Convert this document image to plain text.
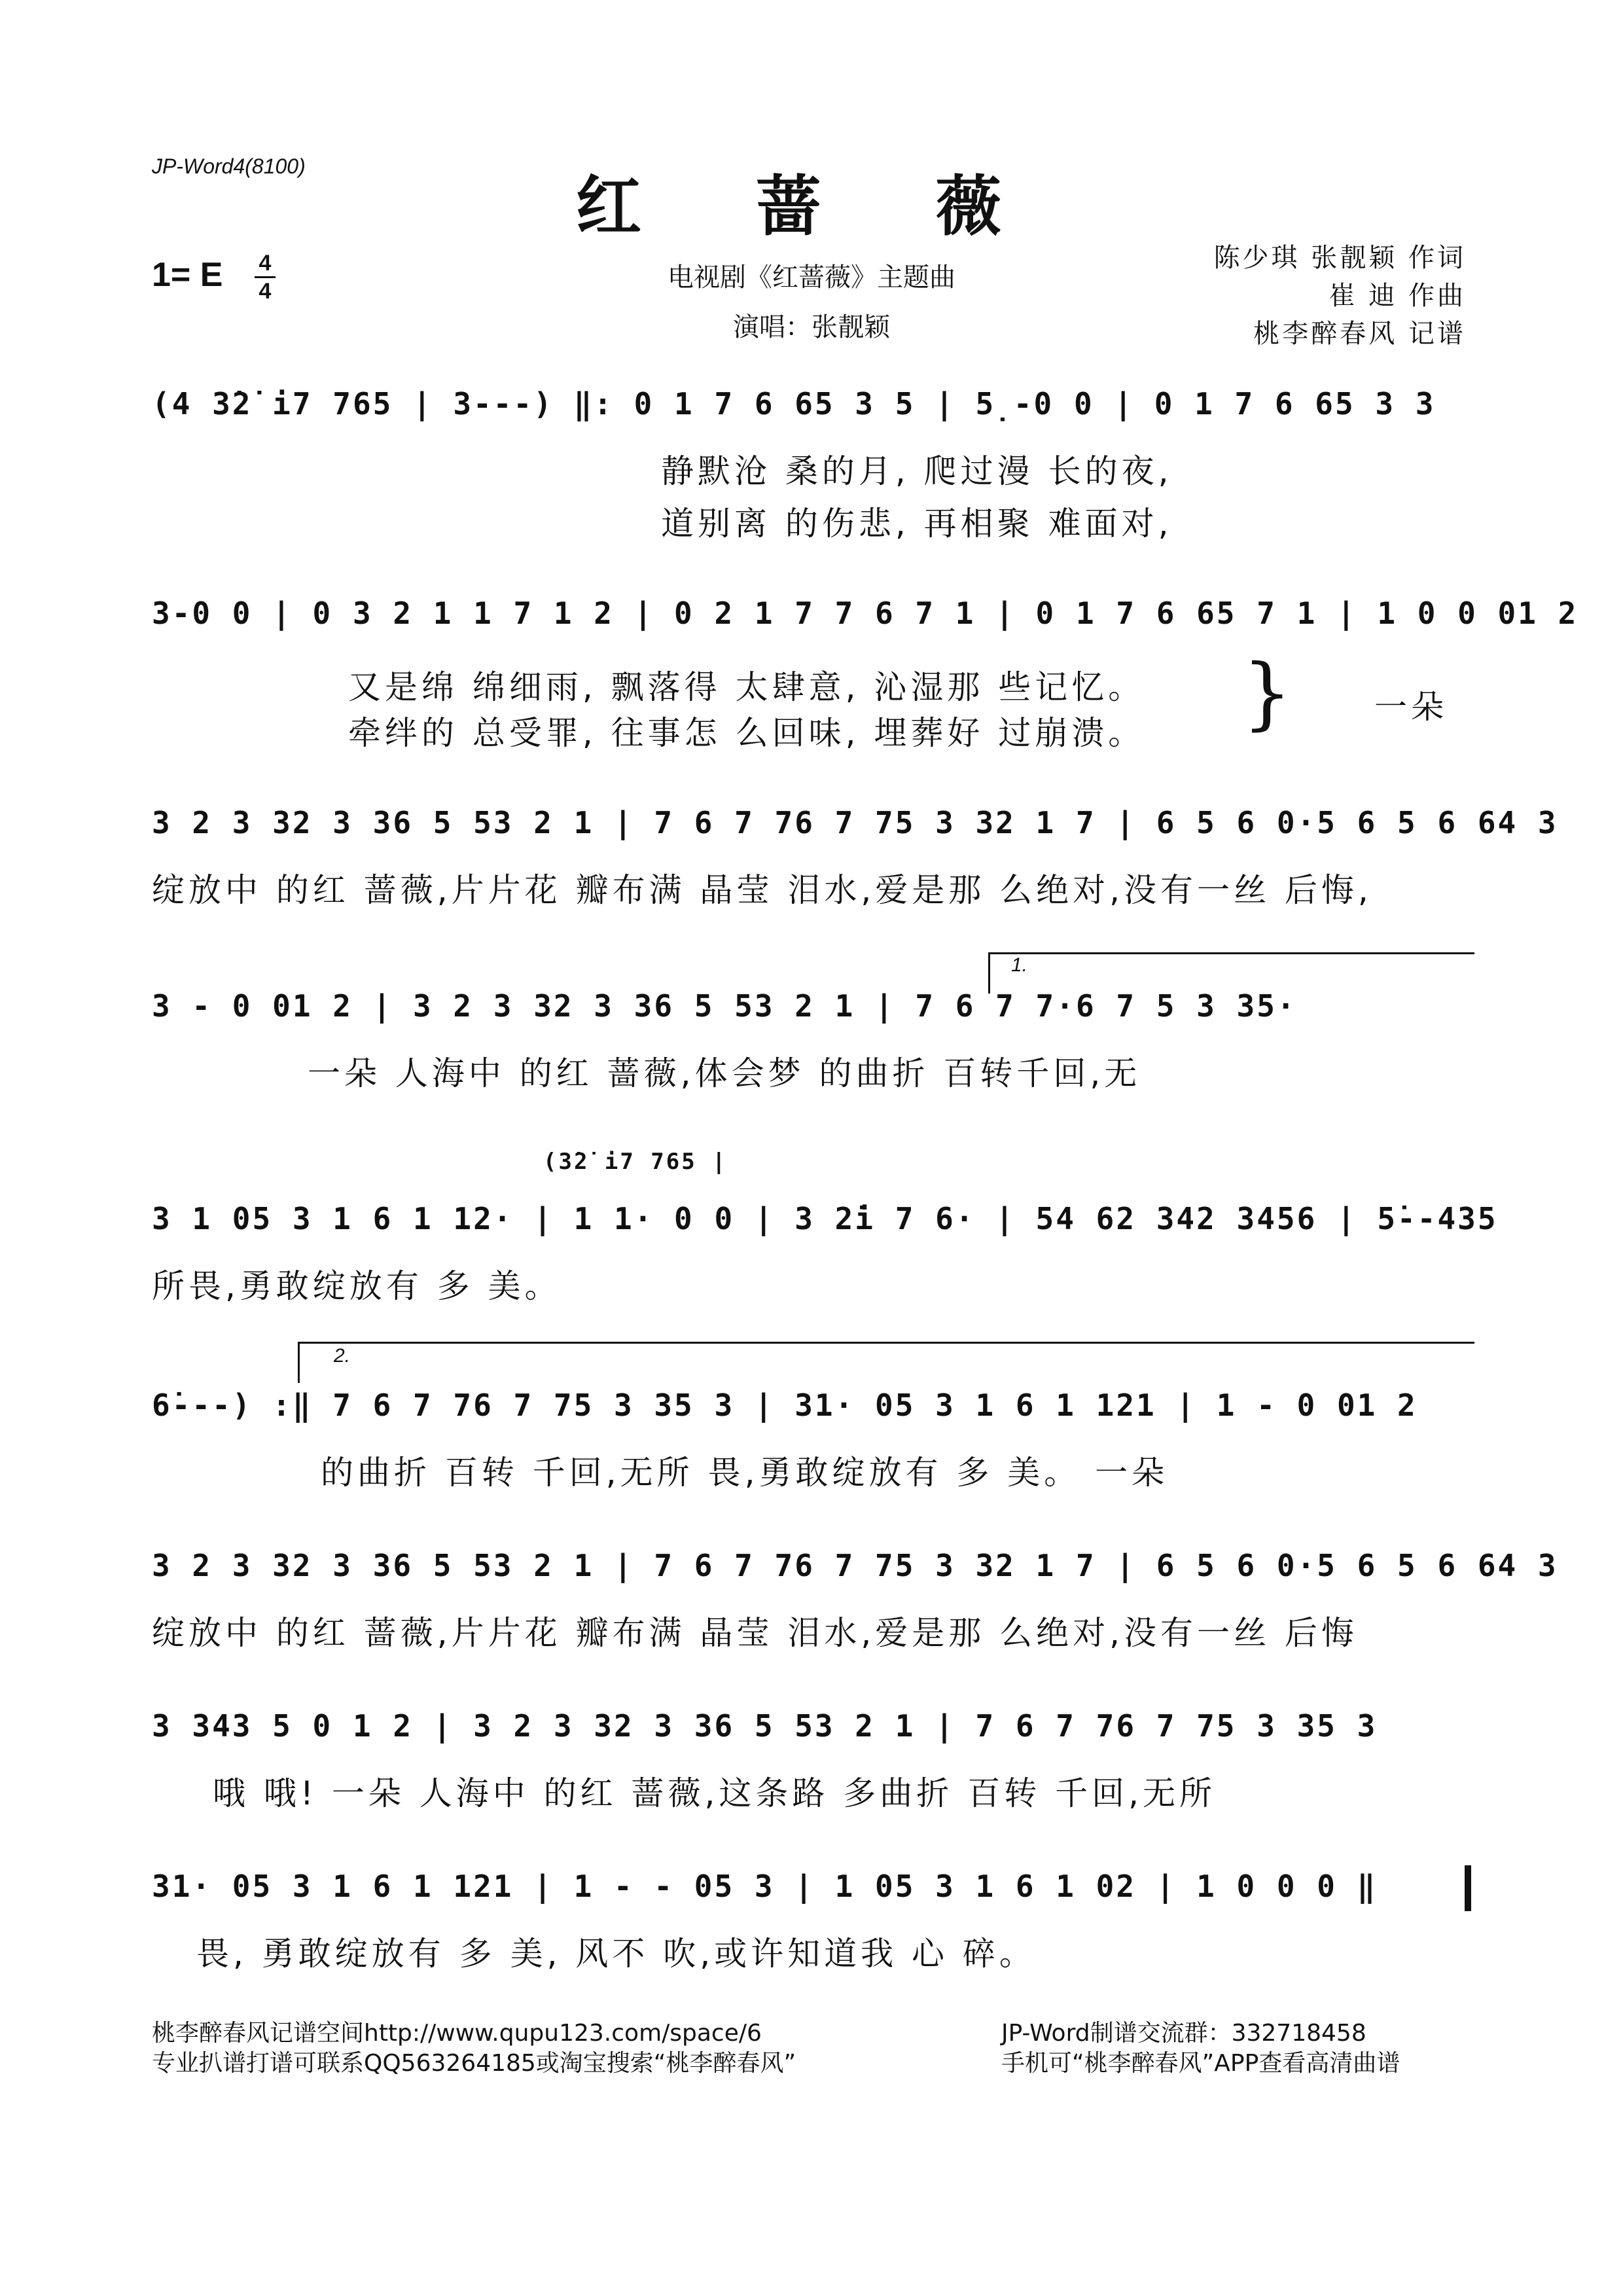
JP-Word4(8100)
红 蔷 薇
1= E	4
4	电视剧《红蔷薇》主题曲
演唱：张靓颖
陈少琪 张靓颖 作词
崔 迪 作曲
桃李醉春风 记谱
(4 3̇2̇ i7 765 | 3---) ‖: 0 1 7 6 65 3 5 | 5̣-0 0 | 0 1 7 6 65 3 3
静默沧 桑的月, 爬过漫 长的夜,
道别离 的伤悲, 再相聚 难面对,
3-0 0 | 0 3 2 1 1 7 1 2 | 0 2 1 7 7 6 7 1 | 0 1 7 6 65 7 1 | 1 0 0 01 2
又是绵 绵细雨, 飘落得 太肆意, 沁湿那 些记忆。
牵绊的 总受罪, 往事怎 么回味, 埋葬好 过崩溃。 }	一朵
3 2 3 32 3 36 5 53 2 1 | 7 6 7 76 7 75 3 32 1 7 | 6 5 6 0·5 6 5 6 64 3
绽放中 的红 蔷薇,片片花 瓣布满 晶莹 泪水,爱是那 么绝对,没有一丝 后悔,
1.
3 - 0 01 2 | 3 2 3 32 3 36 5 53 2 1 | 7 6 7 7·6 7 5 3 35·
一朵 人海中 的红 蔷薇,体会梦 的曲折 百转千回,无
(3̇2̇ i7 765 |
3 1 05 3 1 6 1 12· | 1 1· 0 0 | 3 2̇i 7 6· | 54 62 342 3456 | 5̇--435
所畏,勇敢绽放有 多 美。
2.
6̇---) :‖ 7 6 7 76 7 75 3 35 3 | 31· 05 3 1 6 1 121 | 1 - 0 01 2
的曲折 百转 千回,无所 畏,勇敢绽放有 多 美。 一朵
3 2 3 32 3 36 5 53 2 1 | 7 6 7 76 7 75 3 32 1 7 | 6 5 6 0·5 6 5 6 64 3
绽放中 的红 蔷薇,片片花 瓣布满 晶莹 泪水,爱是那 么绝对,没有一丝 后悔
3 343 5 0 1 2 | 3 2 3 32 3 36 5 53 2 1 | 7 6 7 76 7 75 3 35 3
哦 哦! 一朵 人海中 的红 蔷薇,这条路 多曲折 百转 千回,无所
31· 05 3 1 6 1 121 | 1 - - 05 3 | 1 05 3 1 6 1 02 | 1 0 0 0 ‖
畏, 勇敢绽放有 多 美, 风不 吹,或许知道我 心 碎。
桃李醉春风记谱空间http://www.qupu123.com/space/6
专业扒谱打谱可联系QQ563264185或淘宝搜索“桃李醉春风”
JP-Word制谱交流群：332718458
手机可“桃李醉春风”APP查看高清曲谱
